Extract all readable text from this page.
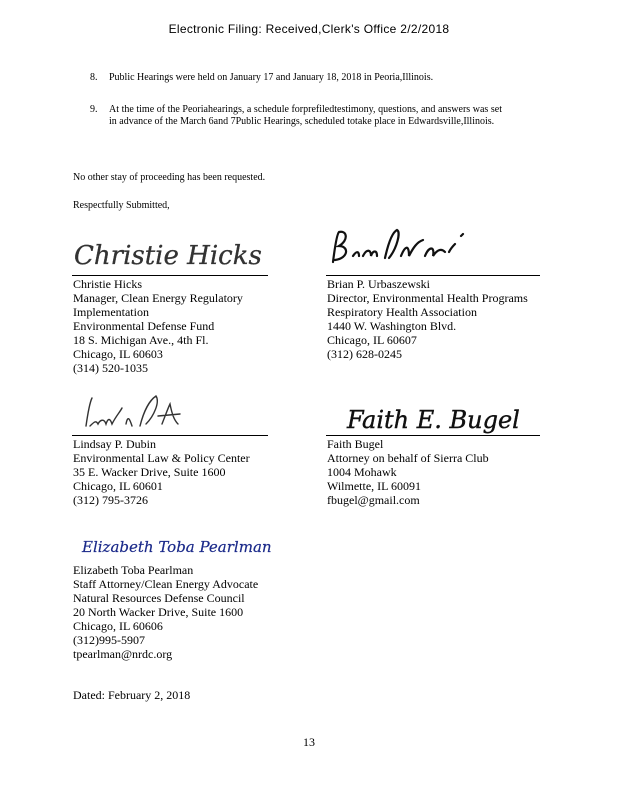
Electronic Filing: Received,Clerk's Office 2/2/2018
8. Public Hearings were held on January 17 and January 18, 2018 in Peoria,Illinois.
9. At the time of the Peoriahearings, a schedule forprefiledtestimony, questions, and answers was set in advance of the March 6and 7Public Hearings, scheduled totake place in Edwardsville,Illinois.
No other stay of proceeding has been requested.
Respectfully Submitted,
Christie Hicks
Christie Hicks
Manager, Clean Energy Regulatory
Implementation
Environmental Defense Fund
18 S. Michigan Ave., 4th Fl.
Chicago, IL 60603
(314) 520-1035
Brian P. Urbaszewski
Director, Environmental Health Programs
Respiratory Health Association
1440 W. Washington Blvd.
Chicago, IL 60607
(312) 628-0245
Lindsay P. Dubin
Environmental Law & Policy Center
35 E. Wacker Drive, Suite 1600
Chicago, IL 60601
(312) 795-3726
Faith E. Bugel
Faith Bugel
Attorney on behalf of Sierra Club
1004 Mohawk
Wilmette, IL 60091
fbugel@gmail.com
Elizabeth Toba Pearlman
Elizabeth Toba Pearlman
Staff Attorney/Clean Energy Advocate
Natural Resources Defense Council
20 North Wacker Drive, Suite 1600
Chicago, IL 60606
(312)995-5907
tpearlman@nrdc.org
Dated: February 2, 2018
13
